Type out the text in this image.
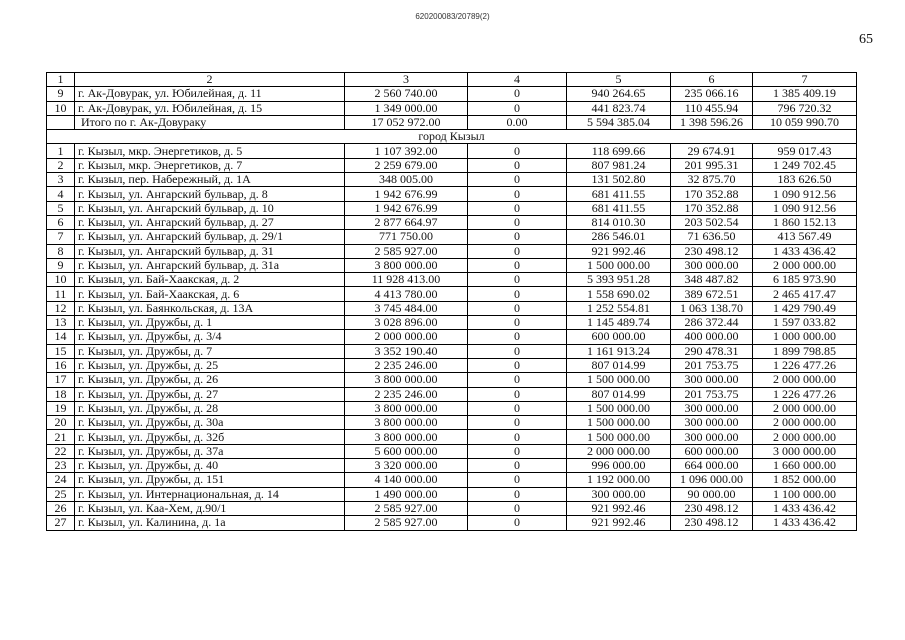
620200083/20789(2)
65
1	2	3	4	5	6	7
9	г. Ак-Довурак, ул. Юбилейная, д. 11	2 560 740.00	0	940 264.65	235 066.16	1 385 409.19
10	г. Ак-Довурак, ул. Юбилейная, д. 15	1 349 000.00	0	441 823.74	110 455.94	796 720.32
	Итого по г. Ак-Довураку	17 052 972.00	0.00	5 594 385.04	1 398 596.26	10 059 990.70
город Кызыл						
1	г. Кызыл, мкр. Энергетиков, д. 5	1 107 392.00	0	118 699.66	29 674.91	959 017.43
2	г. Кызыл, мкр. Энергетиков, д. 7	2 259 679.00	0	807 981.24	201 995.31	1 249 702.45
3	г. Кызыл, пер. Набережный, д. 1А	348 005.00	0	131 502.80	32 875.70	183 626.50
4	г. Кызыл, ул. Ангарский бульвар, д. 8	1 942 676.99	0	681 411.55	170 352.88	1 090 912.56
5	г. Кызыл, ул. Ангарский бульвар, д. 10	1 942 676.99	0	681 411.55	170 352.88	1 090 912.56
6	г. Кызыл, ул. Ангарский бульвар, д. 27	2 877 664.97	0	814 010.30	203 502.54	1 860 152.13
7	г. Кызыл, ул. Ангарский бульвар, д. 29/1	771 750.00	0	286 546.01	71 636.50	413 567.49
8	г. Кызыл, ул. Ангарский бульвар, д. 31	2 585 927.00	0	921 992.46	230 498.12	1 433 436.42
9	г. Кызыл, ул. Ангарский бульвар, д. 31а	3 800 000.00	0	1 500 000.00	300 000.00	2 000 000.00
10	г. Кызыл, ул. Бай-Хаакская, д. 2	11 928 413.00	0	5 393 951.28	348 487.82	6 185 973.90
11	г. Кызыл, ул. Бай-Хаакская, д. 6	4 413 780.00	0	1 558 690.02	389 672.51	2 465 417.47
12	г. Кызыл, ул. Баянкольская, д. 13А	3 745 484.00	0	1 252 554.81	1 063 138.70	1 429 790.49
13	г. Кызыл, ул. Дружбы, д. 1	3 028 896.00	0	1 145 489.74	286 372.44	1 597 033.82
14	г. Кызыл, ул. Дружбы, д. 3/4	2 000 000.00	0	600 000.00	400 000.00	1 000 000.00
15	г. Кызыл, ул. Дружбы, д. 7	3 352 190.40	0	1 161 913.24	290 478.31	1 899 798.85
16	г. Кызыл, ул. Дружбы, д. 25	2 235 246.00	0	807 014.99	201 753.75	1 226 477.26
17	г. Кызыл, ул. Дружбы, д. 26	3 800 000.00	0	1 500 000.00	300 000.00	2 000 000.00
18	г. Кызыл, ул. Дружбы, д. 27	2 235 246.00	0	807 014.99	201 753.75	1 226 477.26
19	г. Кызыл, ул. Дружбы, д. 28	3 800 000.00	0	1 500 000.00	300 000.00	2 000 000.00
20	г. Кызыл, ул. Дружбы, д. 30а	3 800 000.00	0	1 500 000.00	300 000.00	2 000 000.00
21	г. Кызыл, ул. Дружбы, д. 32б	3 800 000.00	0	1 500 000.00	300 000.00	2 000 000.00
22	г. Кызыл, ул. Дружбы, д. 37а	5 600 000.00	0	2 000 000.00	600 000.00	3 000 000.00
23	г. Кызыл, ул. Дружбы, д. 40	3 320 000.00	0	996 000.00	664 000.00	1 660 000.00
24	г. Кызыл, ул. Дружбы, д. 151	4 140 000.00	0	1 192 000.00	1 096 000.00	1 852 000.00
25	г. Кызыл, ул. Интернациональная, д. 14	1 490 000.00	0	300 000.00	90 000.00	1 100 000.00
26	г. Кызыл, ул. Каа-Хем, д.90/1	2 585 927.00	0	921 992.46	230 498.12	1 433 436.42
27	г. Кызыл, ул. Калинина, д. 1а	2 585 927.00	0	921 992.46	230 498.12	1 433 436.42
